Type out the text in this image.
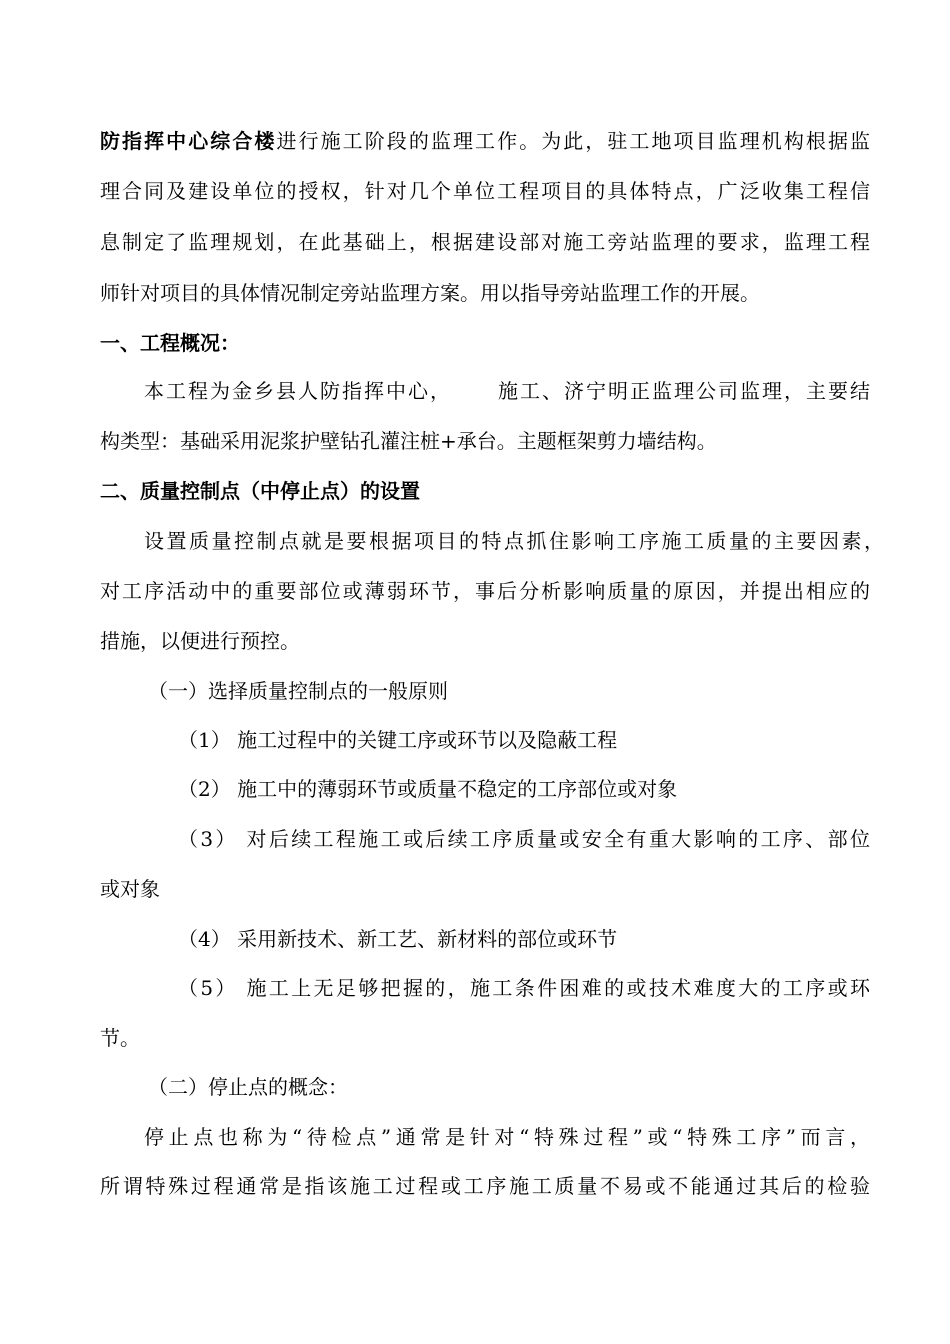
防指挥中心综合楼进行施工阶段的监理工作。为此，驻工地项目监理机构根据监
理合同及建设单位的授权，针对几个单位工程项目的具体特点，广泛收集工程信
息制定了监理规划，在此基础上，根据建设部对施工旁站监理的要求，监理工程
师针对项目的具体情况制定旁站监理方案。用以指导旁站监理工作的开展。
一、工程概况：
本工程为金乡县人防指挥中心， 施工、济宁明正监理公司监理，主要结
构类型：基础采用泥浆护壁钻孔灌注桩+承台。主题框架剪力墙结构。
二、质量控制点（中停止点）的设置
设置质量控制点就是要根据项目的特点抓住影响工序施工质量的主要因素，
对工序活动中的重要部位或薄弱环节，事后分析影响质量的原因，并提出相应的
措施，以便进行预控。
（一）选择质量控制点的一般原则
（1） 施工过程中的关键工序或环节以及隐蔽工程
（2） 施工中的薄弱环节或质量不稳定的工序部位或对象
（3） 对后续工程施工或后续工序质量或安全有重大影响的工序、部位
或对象
（4） 采用新技术、新工艺、新材料的部位或环节
（5） 施工上无足够把握的，施工条件困难的或技术难度大的工序或环
节。
（二）停止点的概念：
停止点也称为“待检点”通常是针对“特殊过程”或“特殊工序”而言，
所谓特殊过程通常是指该施工过程或工序施工质量不易或不能通过其后的检验
